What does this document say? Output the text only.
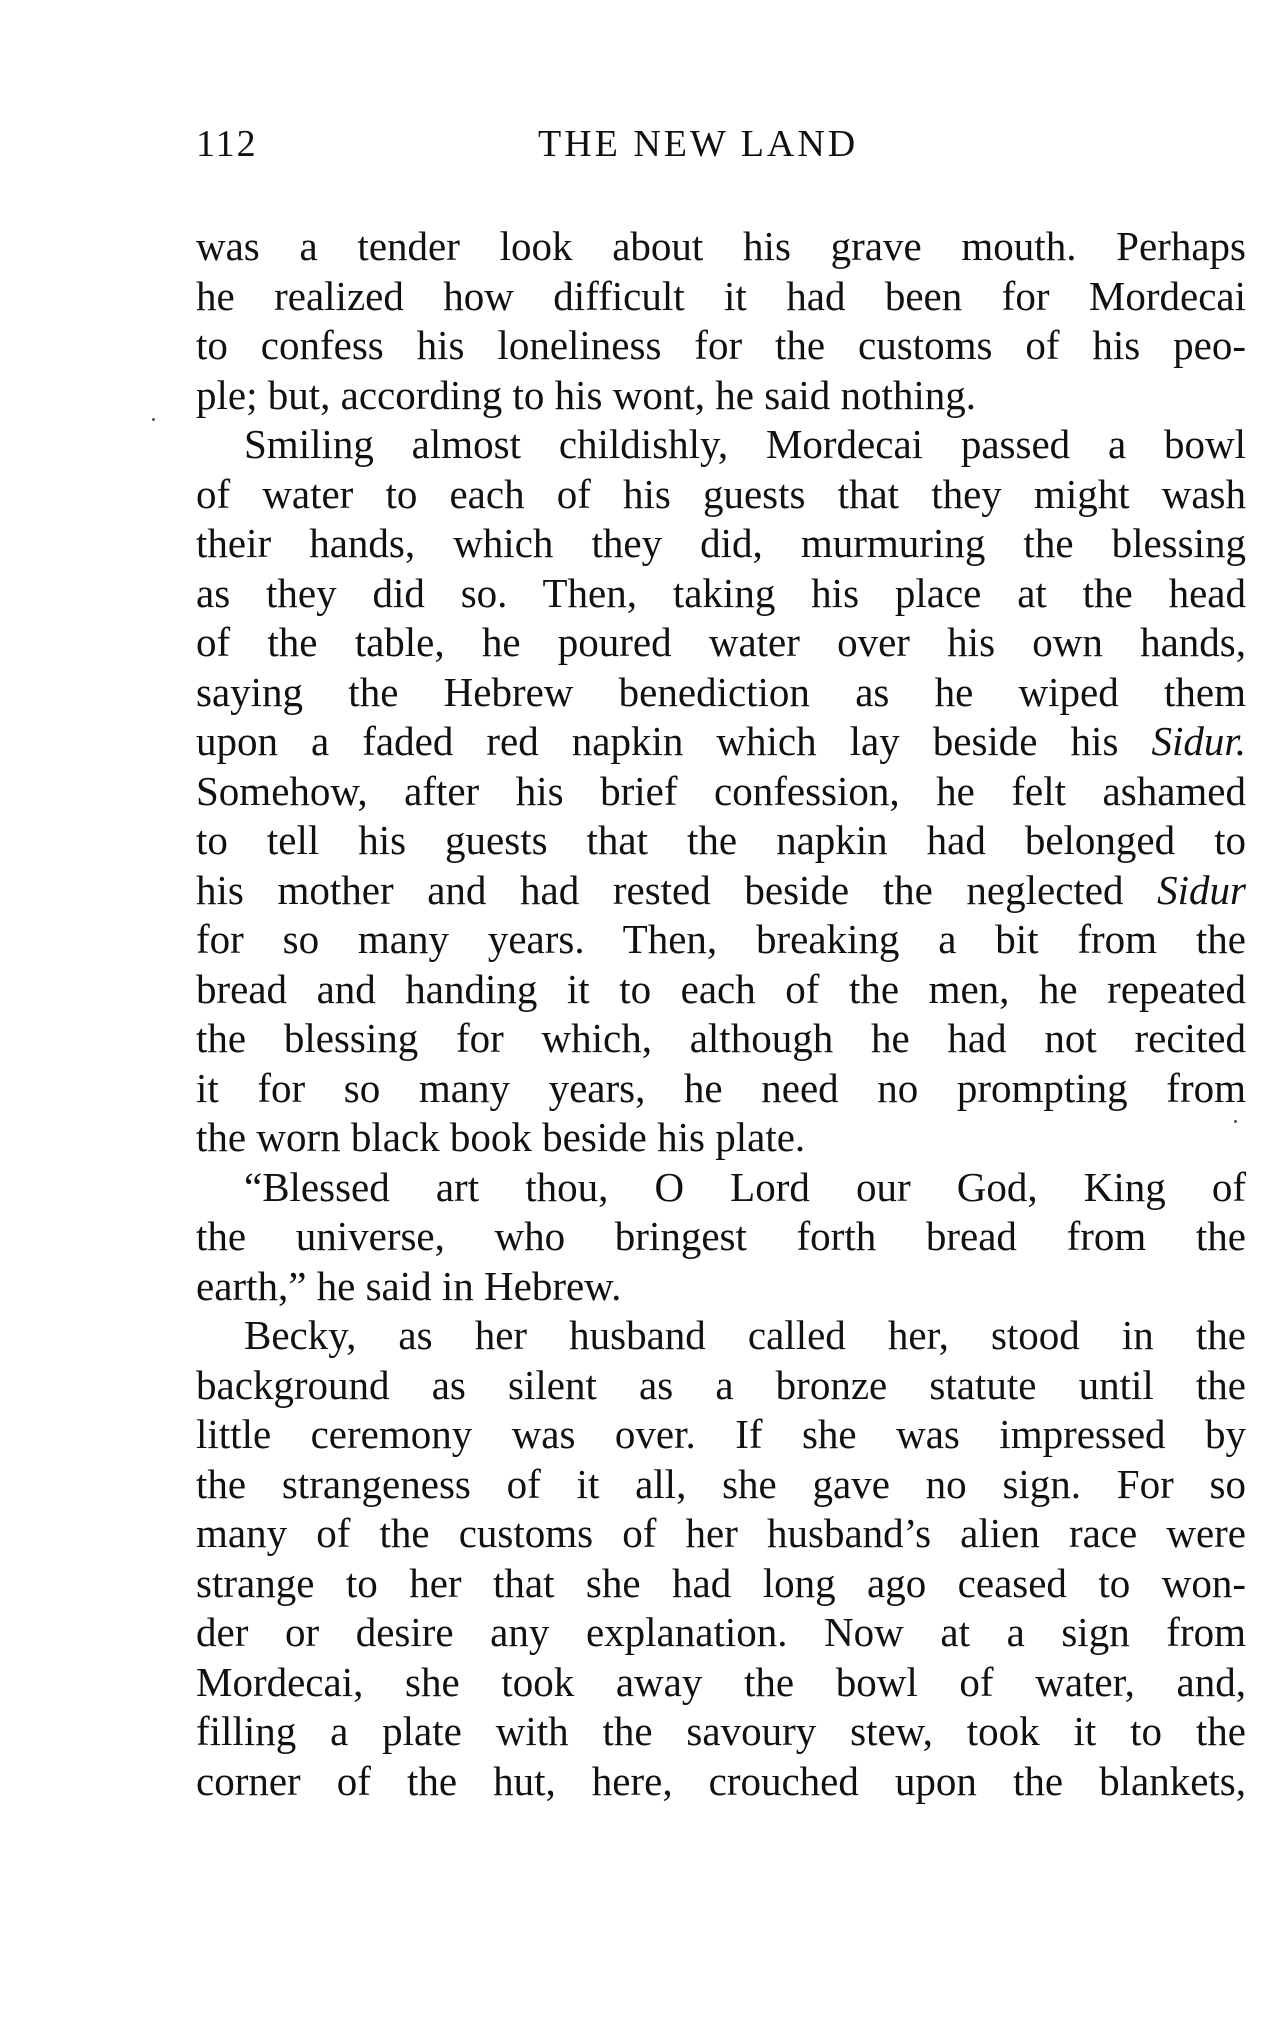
112	THE NEW LAND
was a tender look about his grave mouth. Perhaps
he realized how difficult it had been for Mordecai
to confess his loneliness for the customs of his peo-
ple; but, according to his wont, he said nothing.
Smiling almost childishly, Mordecai passed a bowl
of water to each of his guests that they might wash
their hands, which they did, murmuring the blessing
as they did so. Then, taking his place at the head
of the table, he poured water over his own hands,
saying the Hebrew benediction as he wiped them
upon a faded red napkin which lay beside his Sidur.
Somehow, after his brief confession, he felt ashamed
to tell his guests that the napkin had belonged to
his mother and had rested beside the neglected Sidur
for so many years. Then, breaking a bit from the
bread and handing it to each of the men, he repeated
the blessing for which, although he had not recited
it for so many years, he need no prompting from
the worn black book beside his plate.
“Blessed art thou, O Lord our God, King of
the universe, who bringest forth bread from the
earth,” he said in Hebrew.
Becky, as her husband called her, stood in the
background as silent as a bronze statute until the
little ceremony was over. If she was impressed by
the strangeness of it all, she gave no sign. For so
many of the customs of her husband’s alien race were
strange to her that she had long ago ceased to won-
der or desire any explanation. Now at a sign from
Mordecai, she took away the bowl of water, and,
filling a plate with the savoury stew, took it to the
corner of the hut, here, crouched upon the blankets,
